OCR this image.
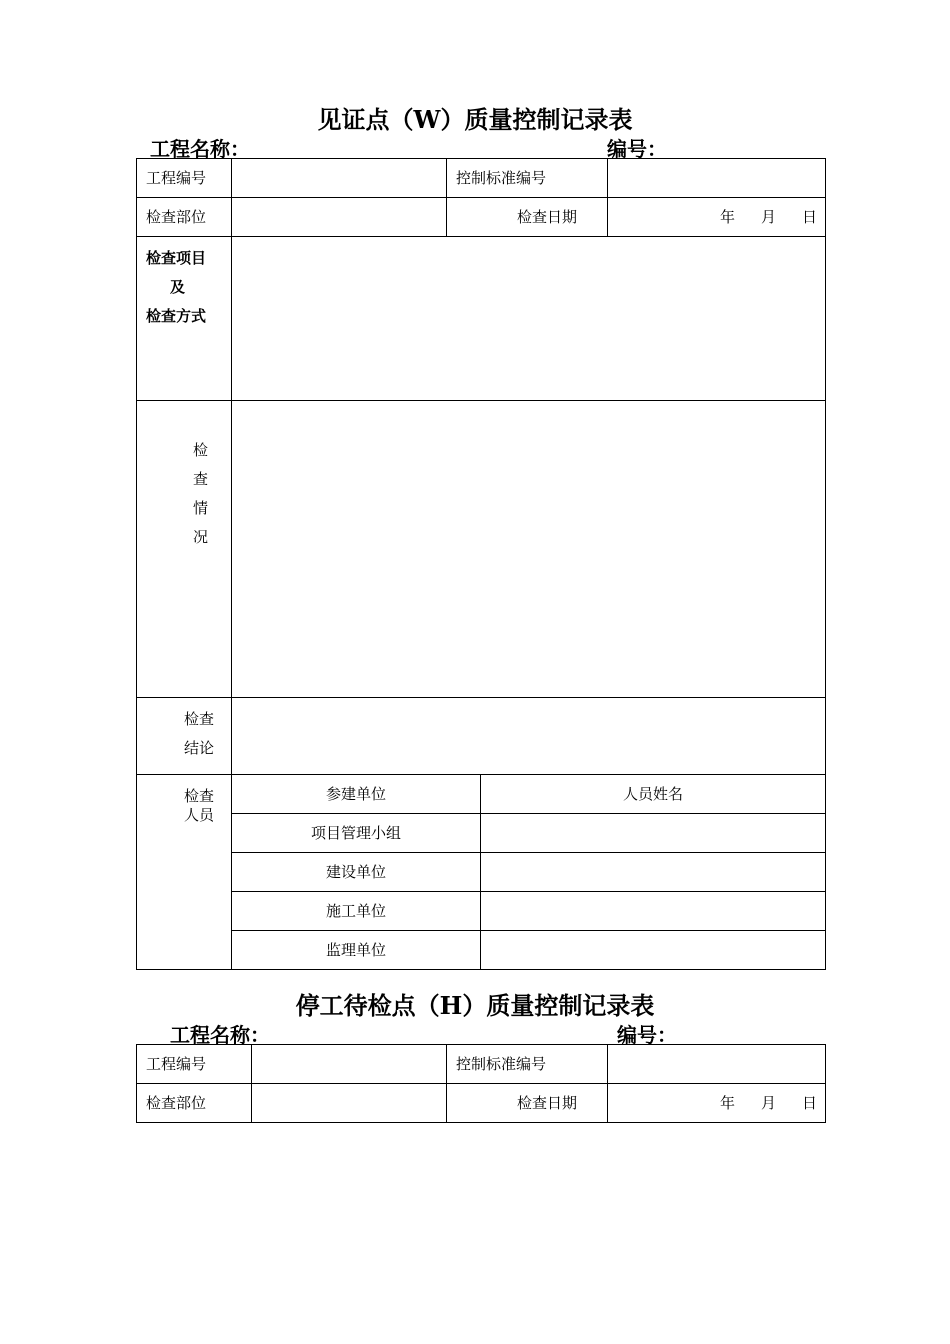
见证点（W）质量控制记录表
工程名称：	编号：
工程编号		控制标准编号	
检查部位		检查日期	年 月 日
检查项目
及
检查方式	

检
查
情
况	

检查
结论	

检查
人员	参建单位	人员姓名
	项目管理小组	
	建设单位	
	施工单位	
	监理单位	
停工待检点（H）质量控制记录表
工程名称：	编号：
工程编号		控制标准编号	
检查部位		检查日期	年 月 日
